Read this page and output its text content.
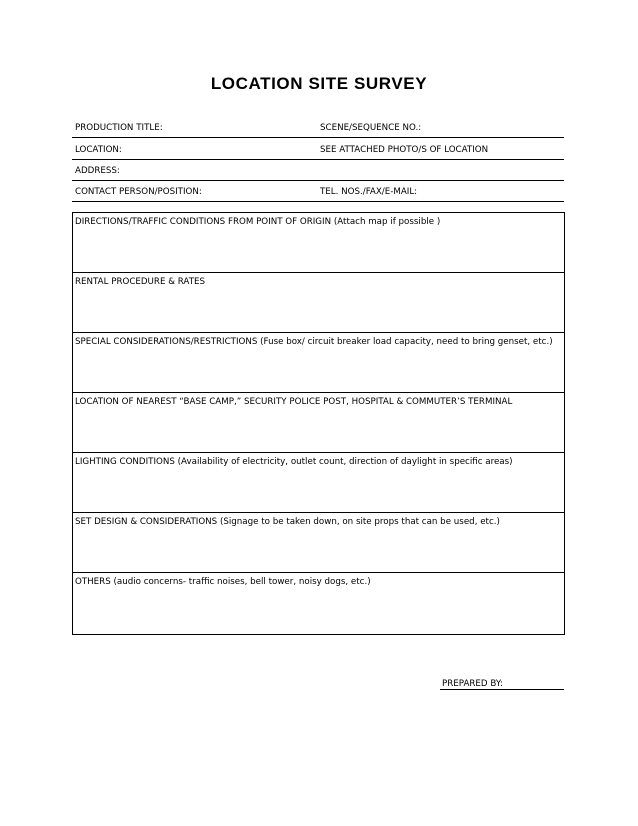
LOCATION SITE SURVEY
PRODUCTION TITLE:	SCENE/SEQUENCE NO.:
LOCATION:	SEE ATTACHED PHOTO/S OF LOCATION
ADDRESS:
CONTACT PERSON/POSITION:	TEL. NOS./FAX/E-MAIL:
DIRECTIONS/TRAFFIC CONDITIONS FROM POINT OF ORIGIN (Attach map if possible )
RENTAL PROCEDURE & RATES
SPECIAL CONSIDERATIONS/RESTRICTIONS (Fuse box/ circuit breaker load capacity, need to bring genset, etc.)
LOCATION OF NEAREST “BASE CAMP,” SECURITY POLICE POST, HOSPITAL & COMMUTER’S TERMINAL
LIGHTING CONDITIONS (Availability of electricity, outlet count, direction of daylight in specific areas)
SET DESIGN & CONSIDERATIONS (Signage to be taken down, on site props that can be used, etc.)
OTHERS (audio concerns- traffic noises, bell tower, noisy dogs, etc.)
PREPARED BY:
